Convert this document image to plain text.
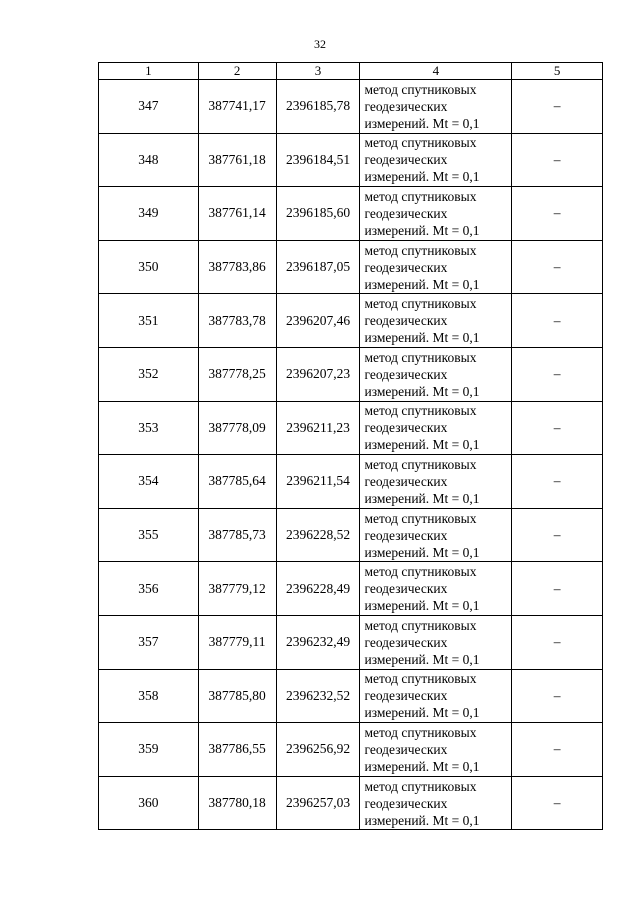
32
1	2	3	4	5
347	387741,17	2396185,78	метод спутниковых
геодезических
измерений. Mt = 0,1	–
348	387761,18	2396184,51	метод спутниковых
геодезических
измерений. Mt = 0,1	–
349	387761,14	2396185,60	метод спутниковых
геодезических
измерений. Mt = 0,1	–
350	387783,86	2396187,05	метод спутниковых
геодезических
измерений. Mt = 0,1	–
351	387783,78	2396207,46	метод спутниковых
геодезических
измерений. Mt = 0,1	–
352	387778,25	2396207,23	метод спутниковых
геодезических
измерений. Mt = 0,1	–
353	387778,09	2396211,23	метод спутниковых
геодезических
измерений. Mt = 0,1	–
354	387785,64	2396211,54	метод спутниковых
геодезических
измерений. Mt = 0,1	–
355	387785,73	2396228,52	метод спутниковых
геодезических
измерений. Mt = 0,1	–
356	387779,12	2396228,49	метод спутниковых
геодезических
измерений. Mt = 0,1	–
357	387779,11	2396232,49	метод спутниковых
геодезических
измерений. Mt = 0,1	–
358	387785,80	2396232,52	метод спутниковых
геодезических
измерений. Mt = 0,1	–
359	387786,55	2396256,92	метод спутниковых
геодезических
измерений. Mt = 0,1	–
360	387780,18	2396257,03	метод спутниковых
геодезических
измерений. Mt = 0,1	–
